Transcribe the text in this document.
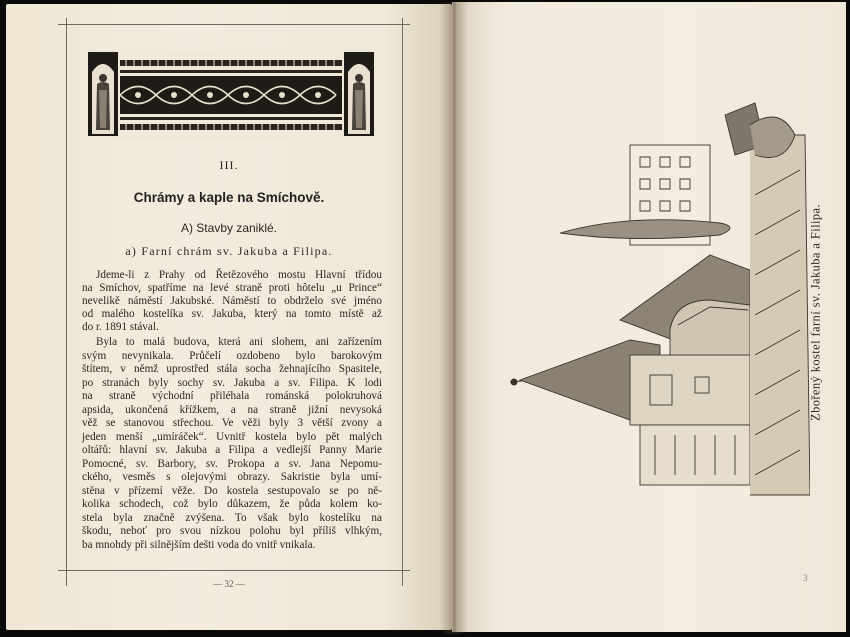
III.
Chrámy a kaple na Smíchově.
A) Stavby zaniklé.
a) Farní chrám sv. Jakuba a Filipa.
Jdeme-li z Prahy od Řetězového mostu Hlavní třídou
na Smíchov, spatříme na levé straně proti hôtelu „u Prince“
nevelikě náměstí Jakubské. Náměstí to obdrželo své jméno
od malého kostelíka sv. Jakuba, který na tomto místě až
do r. 1891 stával.
Byla to malá budova, která ani slohem, ani zařízením
svým nevynikala. Průčelí ozdobeno bylo barokovým
štítem, v němž uprostřed stála socha žehnajícího Spasitele,
po stranách byly sochy sv. Jakuba a sv. Filipa. K lodi
na straně východní přiléhala románská polokruhová
apsida, ukončená křížkem, a na straně jižní nevysoká
věž se stanovou střechou. Ve věži byly 3 větší zvony a
jeden menší „umíráček“. Uvnitř kostela bylo pět malých
oltářů: hlavní sv. Jakuba a Filipa a vedlejší Panny Marie
Pomocné, sv. Barbory, sv. Prokopa a sv. Jana Nepomu-
ckého, vesměs s olejovými obrazy. Sakristie byla umí-
stěna v přízemí věže. Do kostela sestupovalo se po ně-
kolika schodech, což bylo důkazem, že půda kolem ko-
stela byla značně zvýšena. To však bylo kostelíku na
škodu, neboť pro svou nízkou polohu byl příliš vlhkým,
ba mnohdy při silnějším dešti voda do vnitř vnikala.
— 32 —
3
Zbořený kostel farní sv. Jakuba a Filipa.
